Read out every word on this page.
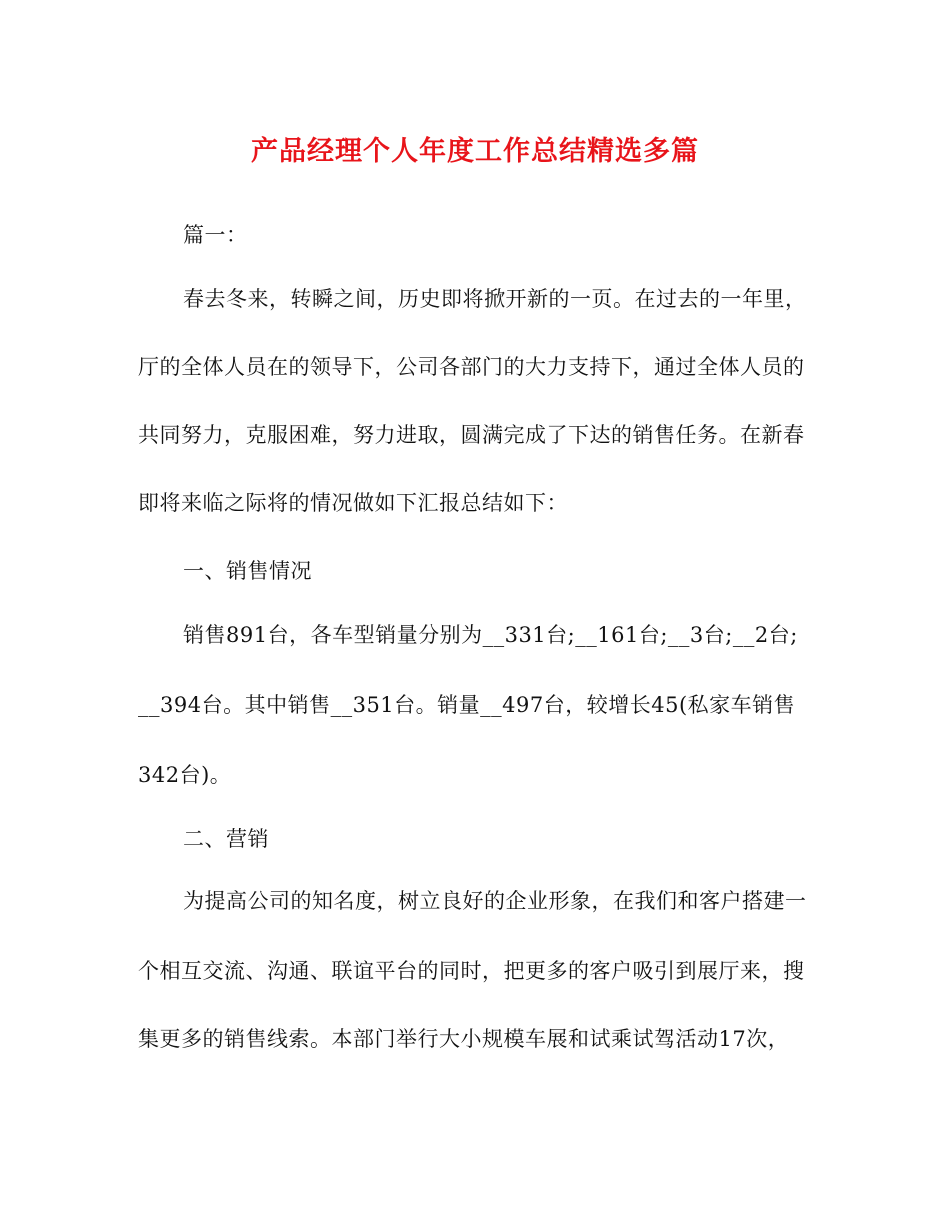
产品经理个人年度工作总结精选多篇
篇一：
春去冬来，转瞬之间，历史即将掀开新的一页。在过去的一年里，
厅的全体人员在的领导下，公司各部门的大力支持下，通过全体人员的
共同努力，克服困难，努力进取，圆满完成了下达的销售任务。在新春
即将来临之际将的情况做如下汇报总结如下：
一、销售情况
销售891台，各车型销量分别为__331台;__161台;__3台;__2台;
__394台。其中销售__351台。销量__497台，较增长45(私家车销售
342台)。
二、营销
为提高公司的知名度，树立良好的企业形象，在我们和客户搭建一
个相互交流、沟通、联谊平台的同时，把更多的客户吸引到展厅来，搜
集更多的销售线索。本部门举行大小规模车展和试乘试驾活动17次，
